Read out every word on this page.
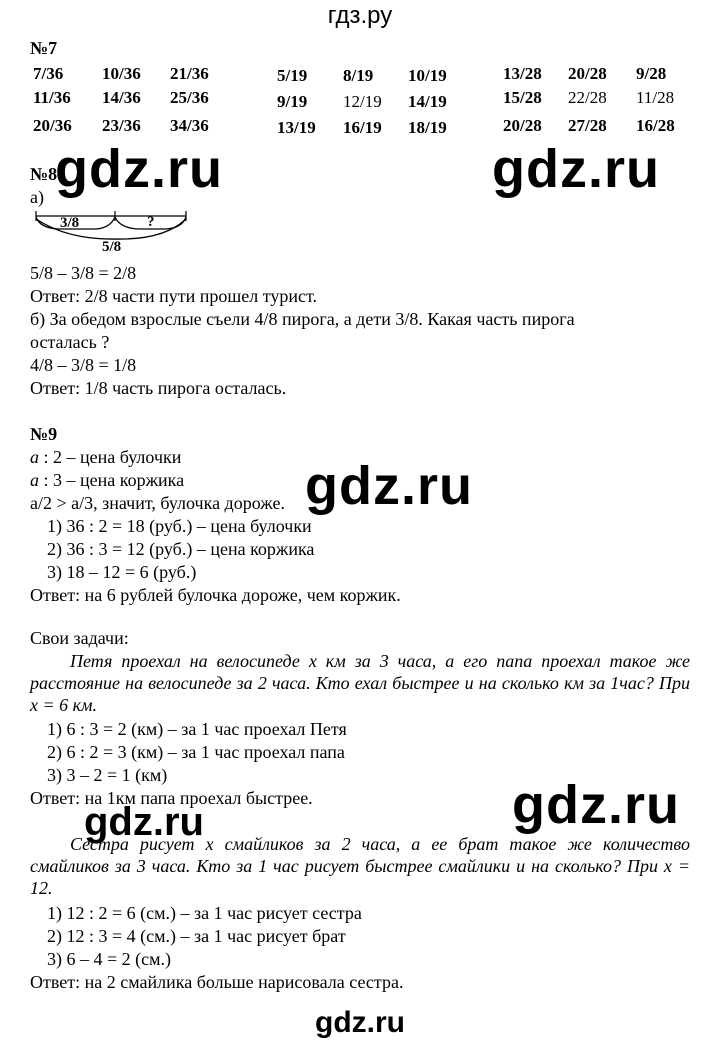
гдз.ру
№7
7/36 10/36 21/36
11/36 14/36 25/36
20/36 23/36 34/36
5/19 8/19 10/19
9/19 12/19 14/19
13/19 16/19 18/19
13/28 20/28 9/28
15/28 22/28 11/28
20/28 27/28 16/28
№8
а)
3/8	?
5/8
5/8 – 3/8 = 2/8
Ответ: 2/8 части пути прошел турист.
б) За обедом взрослые съели 4/8 пирога, а дети 3/8. Какая часть пирога
осталась ?
4/8 – 3/8 = 1/8
Ответ: 1/8 часть пирога осталась.
№9
а : 2 – цена булочки
а : 3 – цена коржика
а/2 > а/3, значит, булочка дороже.
1) 36 : 2 = 18 (руб.) – цена булочки
2) 36 : 3 = 12 (руб.) – цена коржика
3) 18 – 12 = 6 (руб.)
Ответ: на 6 рублей булочка дороже, чем коржик.
Свои задачи:
Петя проехал на велосипеде х км за 3 часа, а его папа проехал такое же расстояние на велосипеде за 2 часа. Кто ехал быстрее и на сколько км за 1час? При х = 6 км.
1) 6 : 3 = 2 (км) – за 1 час проехал Петя
2) 6 : 2 = 3 (км) – за 1 час проехал папа
3) 3 – 2 = 1 (км)
Ответ: на 1км папа проехал быстрее.
Сестра рисует х смайликов за 2 часа, а ее брат такое же количество смайликов за 3 часа. Кто за 1 час рисует быстрее смайлики и на сколько? При х = 12.
1) 12 : 2 = 6 (см.) – за 1 час рисует сестра
2) 12 : 3 = 4 (см.) – за 1 час рисует брат
3) 6 – 4 = 2 (см.)
Ответ: на 2 смайлика больше нарисовала сестра.
gdz.ru	gdz.ru
gdz.ru
gdz.ru
gdz.ru
gdz.ru
